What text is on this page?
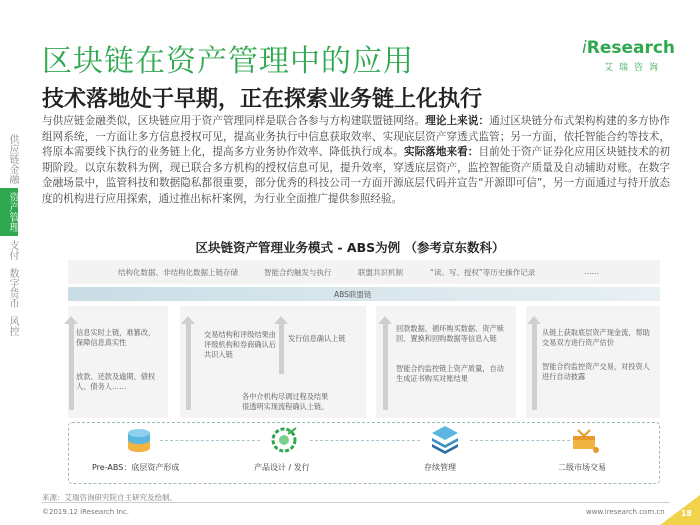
区块链在资产管理中的应用	iResearch
艾瑞咨询
技术落地处于早期，正在探索业务链上化执行
与供应链金融类似，区块链应用于资产管理同样是联合各参与方构建联盟链网络。理论上来说：通过区块链分布式架构构建的多方协作组网系统，一方面让多方信息授权可见，提高业务执行中信息获取效率、实现底层资产穿透式监管；另一方面，依托智能合约等技术，将原本需要线下执行的业务链上化，提高多方业务协作效率、降低执行成本。实际落地来看：目前处于资产证券化应用区块链技术的初期阶段。以京东数科为例，现已联合多方机构的授权信息可见，提升效率，穿透底层资产，监控智能资产质量及自动辅助对账。在数字金融场景中，监管科技和数据隐私都很重要，部分优秀的科技公司一方面开源底层代码并宣告“开源即可信”，另一方面通过与持开放态度的机构进行应用探索，通过推出标杆案例，为行业全面推广提供参照经验。
供应链金融
资产管理
支付
数字货币
风控
区块链资产管理业务模式 - ABS为例 （参考京东数科）
结构化数据、非结构化数据上链存储	智能合约触发与执行	联盟共识机制	“读、写、授权”等历史操作记录	……
ABS联盟链
信息实时上链，难篡改，保障信息真实性
放款、还款及逾期、债权人、债务人……
交易结构和评级结果由评级机构和券商确认后共识入链
发行信息确认上链
各中介机构尽调过程及结果很透明实现流程确认上链。
回款数据、循环购买数据、资产赎回、置换和回购数据等信息入链
智能合约监控链上资产质量，自动生成证书购买对账结果
从链上获取底层资产现金流，帮助交易双方进行资产估价
智能合约监控资产交易，对投资人进行自动披露
Pre-ABS：底层资产形成	产品设计 / 发行	存续管理	二级市场交易
来源：艾瑞咨询研究院自主研究及绘制。
©2019.12 iResearch Inc.	www.iresearch.com.cn 18
